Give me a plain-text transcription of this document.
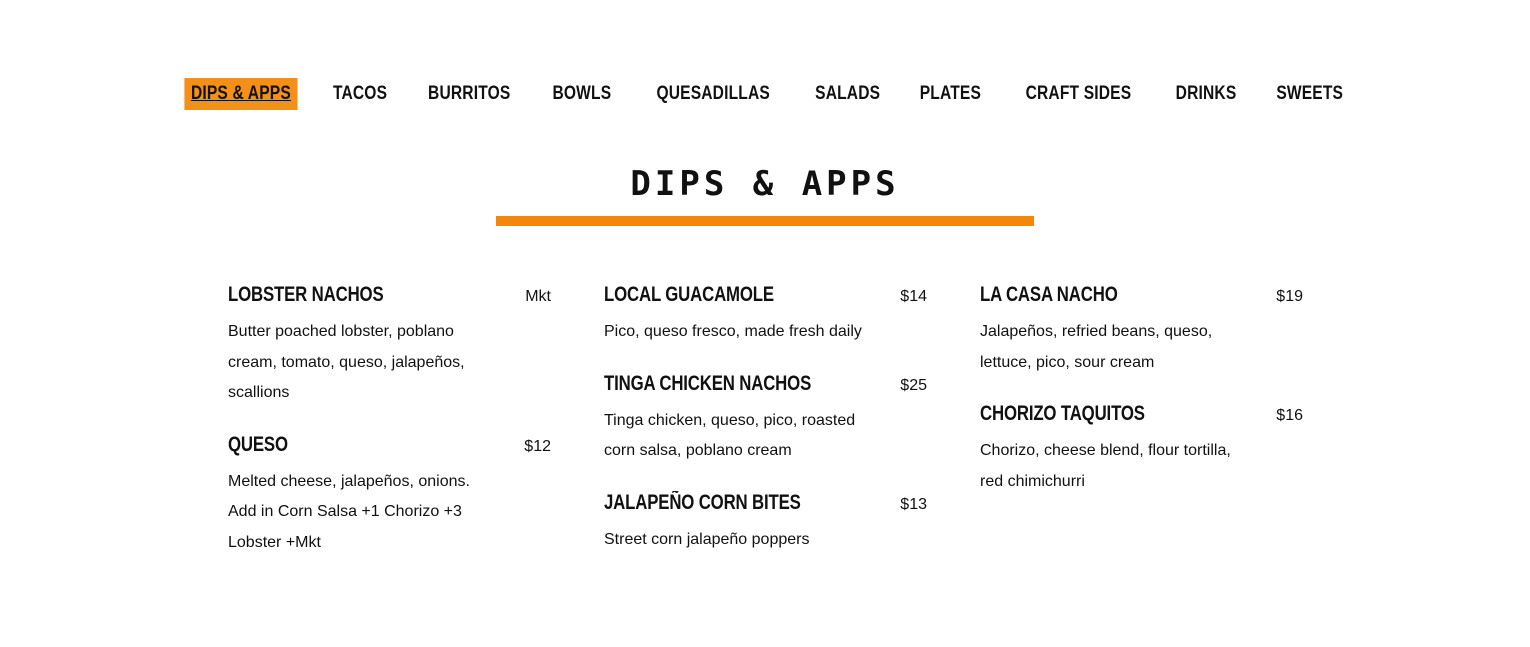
DIPS & APPS	TACOS	BURRITOS	BOWLS	QUESADILLAS	SALADS	PLATES	CRAFT SIDES	DRINKS	SWEETS
DIPS & APPS
LOBSTER NACHOS	Mkt
Butter poached lobster, poblano cream, tomato, queso, jalapeños, scallions
QUESO	$12
Melted cheese, jalapeños, onions. Add in Corn Salsa +1 Chorizo +3 Lobster +Mkt
LOCAL GUACAMOLE	$14
Pico, queso fresco, made fresh daily
TINGA CHICKEN NACHOS	$25
Tinga chicken, queso, pico, roasted corn salsa, poblano cream
JALAPEÑO CORN BITES	$13
Street corn jalapeño poppers
LA CASA NACHO	$19
Jalapeños, refried beans, queso, lettuce, pico, sour cream
CHORIZO TAQUITOS	$16
Chorizo, cheese blend, flour tortilla, red chimichurri
